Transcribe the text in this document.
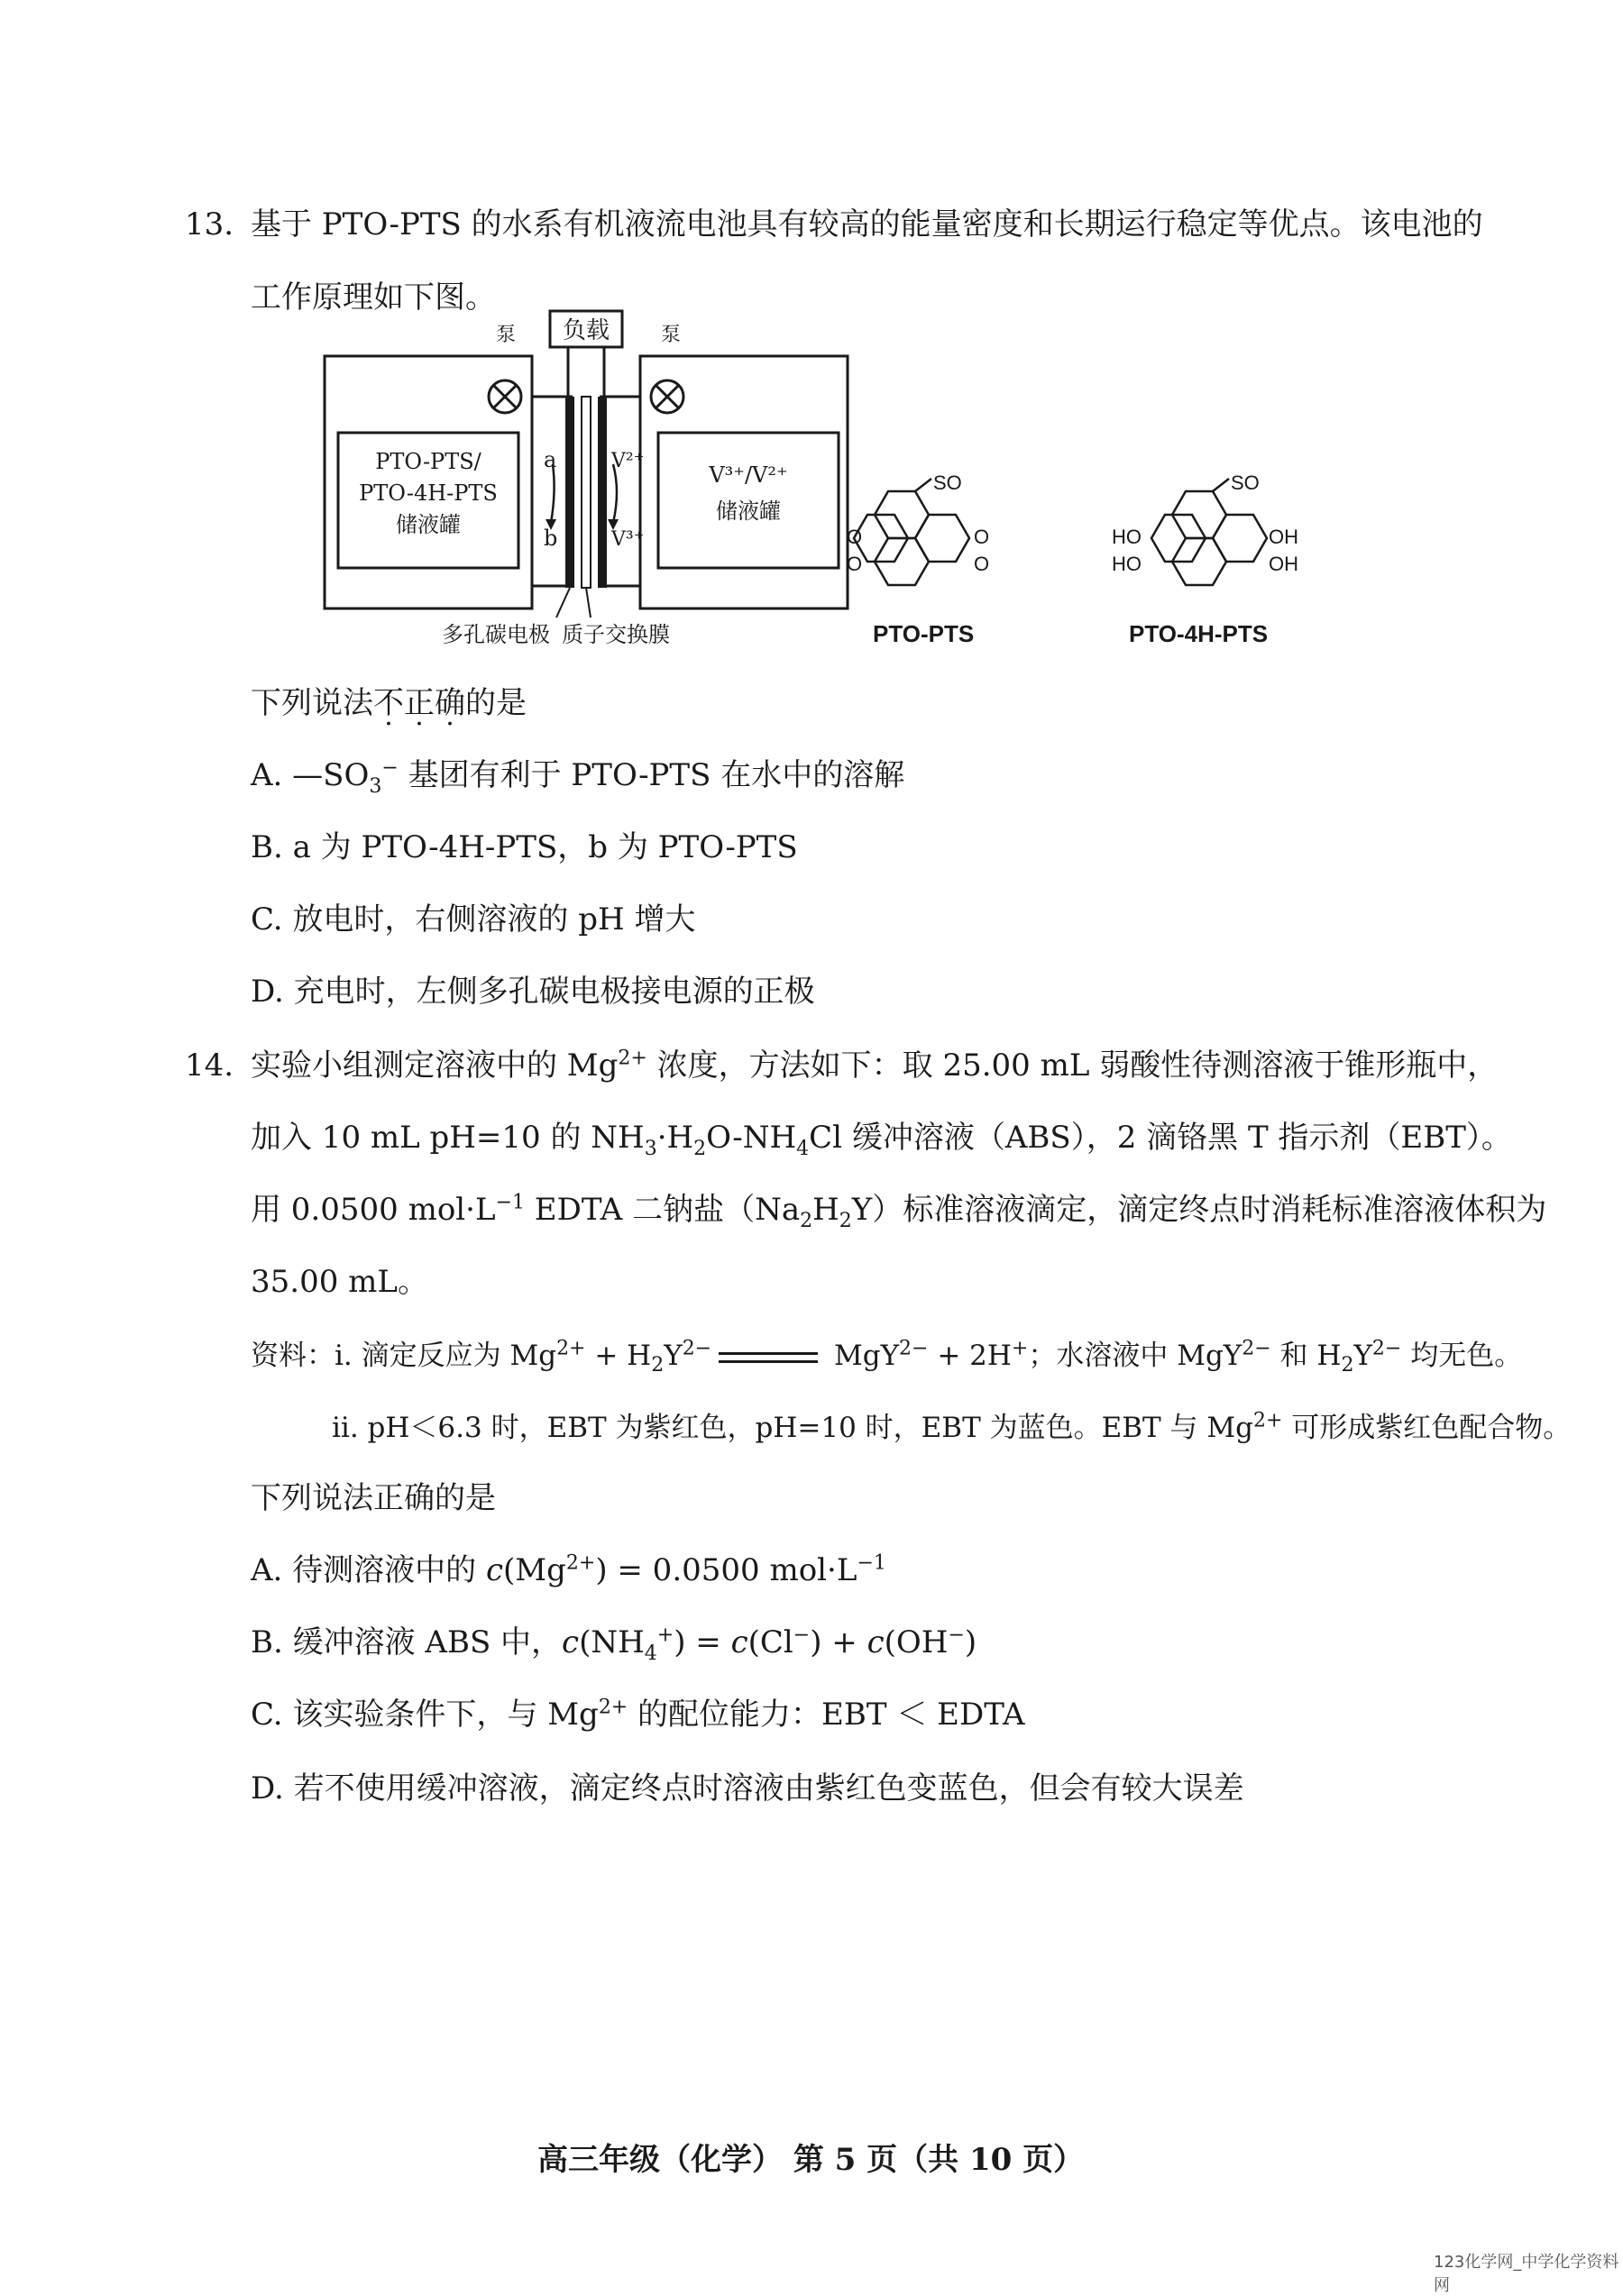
13. 基于 PTO-PTS 的水系有机液流电池具有较高的能量密度和长期运行稳定等优点。该电池的
工作原理如下图。
负载
泵	泵
PTO-PTS/
PTO-4H-PTS
储液罐
V³⁺/V²⁺
储液罐
a
b
V²⁺
V³⁺
多孔碳电极 质子交换膜
SO
O
O
O
O
PTO-PTS
SO
HO
HO
OH
OH
PTO-4H-PTS
下列说法不正确的是
A. $—SO_3^-$ 基团有利于 PTO-PTS 在水中的溶解
B. a 为 PTO-4H-PTS，b 为 PTO-PTS
C. 放电时，右侧溶液的 pH 增大
D. 充电时，左侧多孔碳电极接电源的正极
14. 实验小组测定溶液中的 $Mg^{2+}$ 浓度，方法如下：取 25.00 mL 弱酸性待测溶液于锥形瓶中，
加入 10 mL pH=10 的 $NH_3\cdot H_2O-NH_4Cl$ 缓冲溶液（ABS），2 滴铬黑 T 指示剂（EBT）。
用 0.0500 $mol\cdot L^{-1}$ EDTA 二钠盐$(Na_2H_2Y)$标准溶液滴定，滴定终点时消耗标准溶液体积为
35.00 mL。
资料：i. 滴定反应为 $Mg^{2+} + H_2Y^{2-}$	MgY$^{2-}$ + 2H+；水溶液中 MgY$^{2-}$ 和 $H_2Y^{2-}$ 均无色。
ii. pH＜6.3 时，EBT 为紫红色，pH=10 时，EBT 为蓝色。EBT 与 $Mg^{2+}$ 可形成紫红色配合物。
下列说法正确的是
A. 待测溶液中的 $c(Mg^{2+}) = 0.0500$ $mol\cdot L^{-1}$
B. 缓冲溶液 ABS 中，$c(NH_4^+) = c(Cl^-) + c(OH^-)$
C. 该实验条件下，与 $Mg^{2+}$ 的配位能力：EBT ＜ EDTA
D. 若不使用缓冲溶液，滴定终点时溶液由紫红色变蓝色，但会有较大误差
高三年级（化学） 第 5 页（共 10 页）
123化学网_中学化学资料网
